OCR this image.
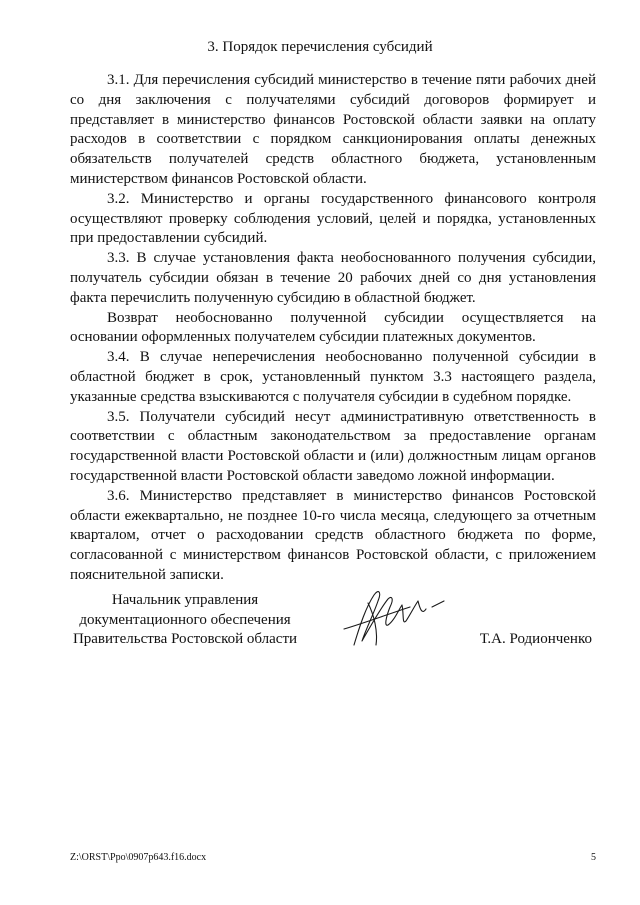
3. Порядок перечисления субсидий

3.1. Для перечисления субсидий министерство в течение пяти рабочих дней со дня заключения с получателями субсидий договоров формирует и представляет в министерство финансов Ростовской области заявки на оплату расходов в соответствии с порядком санкционирования оплаты денежных обязательств получателей средств областного бюджета, установленным министерством финансов Ростовской области.

3.2. Министерство и органы государственного финансового контроля осуществляют проверку соблюдения условий, целей и порядка, установленных при предоставлении субсидий.

3.3. В случае установления факта необоснованного получения субсидии, получатель субсидии обязан в течение 20 рабочих дней со дня установления факта перечислить полученную субсидию в областной бюджет.

Возврат необоснованно полученной субсидии осуществляется на основании оформленных получателем субсидии платежных документов.

3.4. В случае неперечисления необоснованно полученной субсидии в областной бюджет в срок, установленный пунктом 3.3 настоящего раздела, указанные средства взыскиваются с получателя субсидии в судебном порядке.

3.5. Получатели субсидий несут административную ответственность в соответствии с областным законодательством за предоставление органам государственной власти Ростовской области и (или) должностным лицам органов государственной власти Ростовской области заведомо ложной информации.

3.6. Министерство представляет в министерство финансов Ростовской области ежеквартально, не позднее 10-го числа месяца, следующего за отчетным кварталом, отчет о расходовании средств областного бюджета по форме, согласованной с министерством финансов Ростовской области, с приложением пояснительной записки.

Начальник управления
документационного обеспечения
Правительства Ростовской области	Т.А. Родионченко
Z:\ORST\Ppo\0907p643.f16.docx	5
